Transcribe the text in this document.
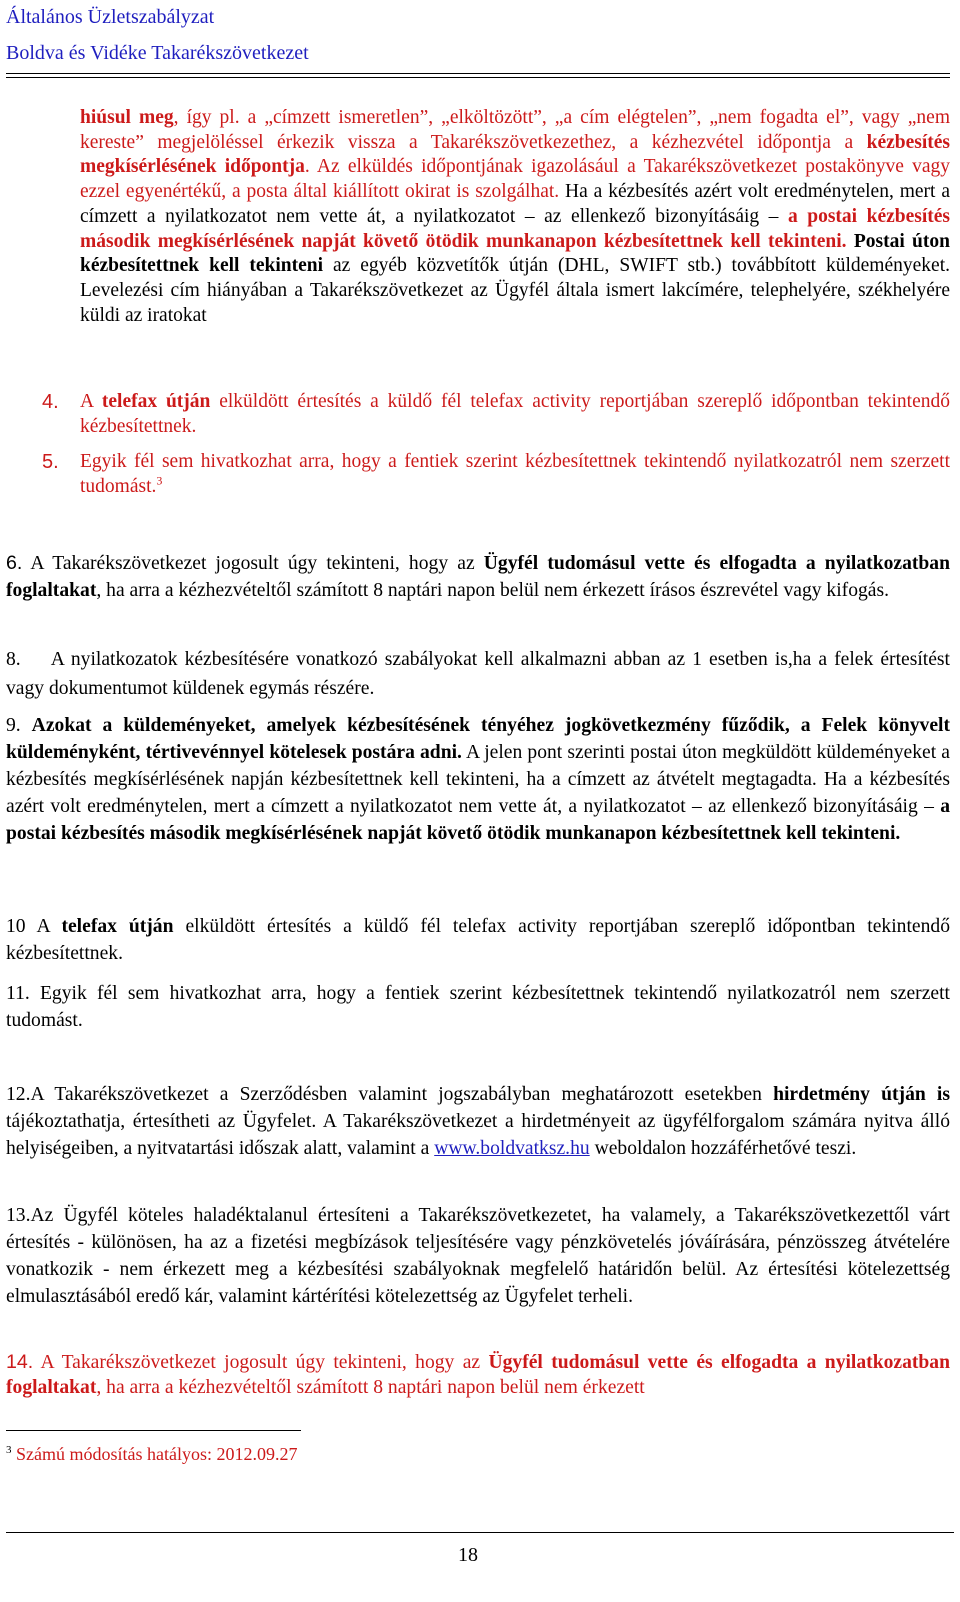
Általános Üzletszabályzat
Boldva és Vidéke Takarékszövetkezet

hiúsul meg, így pl. a „címzett ismeretlen”, „elköltözött”, „a cím elégtelen”, „nem fogadta el”, vagy „nem kereste” megjelöléssel érkezik vissza a Takarékszövetkezethez, a kézhezvétel időpontja a kézbesítés megkísérlésének időpontja. Az elküldés időpontjának igazolásául a Takarékszövetkezet postakönyve vagy ezzel egyenértékű, a posta által kiállított okirat is szolgálhat. Ha a kézbesítés azért volt eredménytelen, mert a címzett a nyilatkozatot nem vette át, a nyilatkozatot – az ellenkező bizonyításáig – a postai kézbesítés második megkísérlésének napját követő ötödik munkanapon kézbesítettnek kell tekinteni. Postai úton kézbesítettnek kell tekinteni az egyéb közvetítők útján (DHL, SWIFT stb.) továbbított küldeményeket. Levelezési cím hiányában a Takarékszövetkezet az Ügyfél általa ismert lakcímére, telephelyére, székhelyére küldi az iratokat

4. A telefax útján elküldött értesítés a küldő fél telefax activity reportjában szereplő időpontban tekintendő kézbesítettnek.

5. Egyik fél sem hivatkozhat arra, hogy a fentiek szerint kézbesítettnek tekintendő nyilatkozatról nem szerzett tudomást.$^3$

6. A Takarékszövetkezet jogosult úgy tekinteni, hogy az Ügyfél tudomásul vette és elfogadta a nyilatkozatban foglaltakat, ha arra a kézhezvételtől számított 8 naptári napon belül nem érkezett írásos észrevétel vagy kifogás.

8. A nyilatkozatok kézbesítésére vonatkozó szabályokat kell alkalmazni abban az 1 esetben is,ha a felek értesítést vagy dokumentumot küldenek egymás részére.

9. Azokat a küldeményeket, amelyek kézbesítésének tényéhez jogkövetkezmény fűződik, a Felek könyvelt küldeményként, tértivevénnyel kötelesek postára adni. A jelen pont szerinti postai úton megküldött küldeményeket a kézbesítés megkísérlésének napján kézbesítettnek kell tekinteni, ha a címzett az átvételt megtagadta. Ha a kézbesítés azért volt eredménytelen, mert a címzett a nyilatkozatot nem vette át, a nyilatkozatot – az ellenkező bizonyításáig – a postai kézbesítés második megkísérlésének napját követő ötödik munkanapon kézbesítettnek kell tekinteni.

10 A telefax útján elküldött értesítés a küldő fél telefax activity reportjában szereplő időpontban tekintendő kézbesítettnek.

11. Egyik fél sem hivatkozhat arra, hogy a fentiek szerint kézbesítettnek tekintendő nyilatkozatról nem szerzett tudomást.

12.A Takarékszövetkezet a Szerződésben valamint jogszabályban meghatározott esetekben hirdetmény útján is tájékoztathatja, értesítheti az Ügyfelet. A Takarékszövetkezet a hirdetményeit az ügyfélforgalom számára nyitva álló helyiségeiben, a nyitvatartási időszak alatt, valamint a www.boldvatksz.hu weboldalon hozzáférhetővé teszi.

13.Az Ügyfél köteles haladéktalanul értesíteni a Takarékszövetkezetet, ha valamely, a Takarékszövetkezettől várt értesítés - különösen, ha az a fizetési megbízások teljesítésére vagy pénzkövetelés jóváírására, pénzösszeg átvételére vonatkozik - nem érkezett meg a kézbesítési szabályoknak megfelelő határidőn belül. Az értesítési kötelezettség elmulasztásából eredő kár, valamint kártérítési kötelezettség az Ügyfelet terheli.

14. A Takarékszövetkezet jogosult úgy tekinteni, hogy az Ügyfél tudomásul vette és elfogadta a nyilatkozatban foglaltakat, ha arra a kézhezvételtől számított 8 naptári napon belül nem érkezett

$^3$ Számú módosítás hatályos: 2012.09.27
18
